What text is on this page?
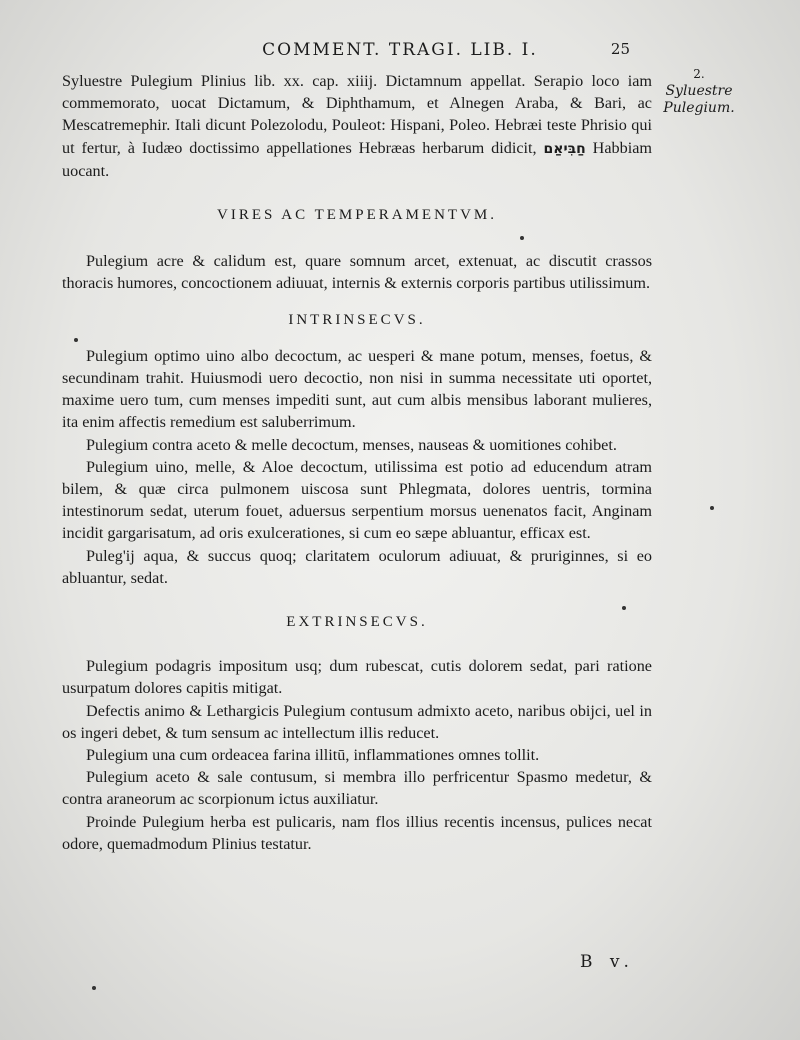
COMMENT. TRAGI. LIB. I.	25
2.
Syluestre Pulegium.

Syluestre Pulegium Plinius lib. xx. cap. xiiij. Dictamnum appellat. Serapio loco iam commemorato, uocat Dictamum, & Diphthamum, et Alnegen Araba, & Bari, ac Mescatremephir. Itali dicunt Polezolodu, Pouleot: Hispani, Poleo. Hebræi teste Phrisio qui ut fertur, à Iudæo doctissimo appellationes Hebræas herbarum didicit, חַבִּיאַם Habbiam uocant.

VIRES AC TEMPERAMENTVM.

Pulegium acre & calidum est, quare somnum arcet, extenuat, ac discutit crassos thoracis humores, concoctionem adiuuat, internis & externis corporis partibus utilissimum.

INTRINSECVS.

Pulegium optimo uino albo decoctum, ac uesperi & mane potum, menses, foetus, & secundinam trahit. Huiusmodi uero decoctio, non nisi in summa necessitate uti oportet, maxime uero tum, cum menses impediti sunt, aut cum albis mensibus laborant mulieres, ita enim affectis remedium est saluberrimum.

Pulegium contra aceto & melle decoctum, menses, nauseas & uomitiones cohibet.

Pulegium uino, melle, & Aloe decoctum, utilissima est potio ad educendum atram bilem, & quæ circa pulmonem uiscosa sunt Phlegmata, dolores uentris, tormina intestinorum sedat, uterum fouet, aduersus serpentium morsus uenenatos facit, Anginam incidit gargarisatum, ad oris exulcerationes, si cum eo sæpe abluantur, efficax est.

Puleg'ij aqua, & succus quoq; claritatem oculorum adiuuat, & pruriginnes, si eo abluantur, sedat.

EXTRINSECVS.

Pulegium podagris impositum usq; dum rubescat, cutis dolorem sedat, pari ratione usurpatum dolores capitis mitigat.

Defectis animo & Lethargicis Pulegium contusum admixto aceto, naribus obijci, uel in os ingeri debet, & tum sensum ac intellectum illis reducet.

Pulegium una cum ordeacea farina illitū, inflammationes omnes tollit.

Pulegium aceto & sale contusum, si membra illo perfricentur Spasmo medetur, & contra araneorum ac scorpionum ictus auxiliatur.

Proinde Pulegium herba est pulicaris, nam flos illius recentis incensus, pulices necat odore, quemadmodum Plinius testatur.

B v.
